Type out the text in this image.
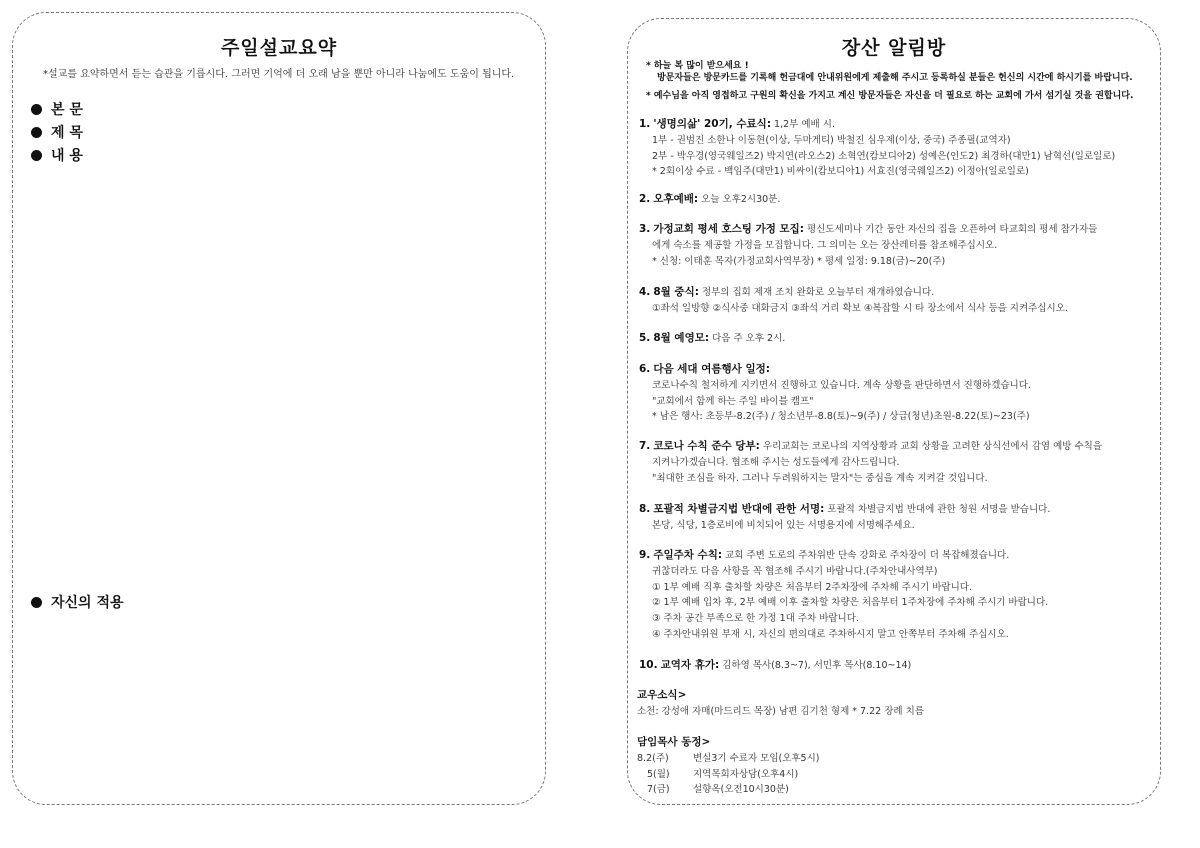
주일설교요약
*설교를 요약하면서 듣는 습관을 기릅시다. 그러면 기억에 더 오래 남을 뿐만 아니라 나눔에도 도움이 됩니다.
본 문
제 목
내 용
자신의 적용
장산 알림방
* 하늘 복 많이 받으세요 !
방문자들은 방문카드를 기록해 헌금대에 안내위원에게 제출해 주시고 등록하실 분들은 헌신의 시간에 하시기를 바랍니다.
* 예수님을 아직 영접하고 구원의 확신을 가지고 계신 방문자들은 자신을 더 필요로 하는 교회에 가서 섬기실 것을 권합니다.
1. '생명의삶' 20기, 수료식: 1,2부 예배 시.
1부 - 권범진 소한나 이동현(이상, 두마게티) 박철진 심우제(이상, 중국) 주종필(교역자)
2부 - 박우경(영국웨일즈2) 박지연(라오스2) 소혁연(캄보디아2) 성예은(인도2) 최경하(대만1) 남혁선(일로일로)
* 2회이상 수료 - 백임주(대만1) 비싸이(캄보디아1) 서효진(영국웨일즈2) 이정아(일로일로)
2. 오후예배: 오늘 오후2시30분.
3. 가정교회 평세 호스팅 가정 모집: 평신도세미나 기간 동안 자신의 집을 오픈하여 타교회의 평세 참가자들
에게 숙소를 제공할 가정을 모집합니다. 그 의미는 오는 장산레터를 참조해주십시오.
* 신청: 이태훈 목자(가정교회사역부장) * 평세 일정: 9.18(금)~20(주)
4. 8월 중식: 정부의 집회 제재 조치 완화로 오늘부터 재개하였습니다.
①좌석 일방향 ②식사중 대화금지 ③좌석 거리 확보 ④복잡할 시 타 장소에서 식사 등을 지켜주십시오.
5. 8월 예영모: 다음 주 오후 2시.
6. 다음 세대 여름행사 일정:
코로나수칙 철저하게 지키면서 진행하고 있습니다. 계속 상황을 판단하면서 진행하겠습니다.
"교회에서 함께 하는 주일 바이블 캠프"
* 남은 행사: 초등부-8.2(주) / 청소년부-8.8(토)~9(주) / 상급(청년)초원-8.22(토)~23(주)
7. 코로나 수칙 준수 당부: 우리교회는 코로나의 지역상황과 교회 상황을 고려한 상식선에서 감염 예방 수칙을
지켜나가겠습니다. 협조해 주시는 성도들에게 감사드립니다.
"최대한 조심을 하자. 그러나 두려워하지는 말자"는 중심을 계속 지켜갈 것입니다.
8. 포괄적 차별금지법 반대에 관한 서명: 포괄적 차별금지법 반대에 관한 청원 서명을 받습니다.
본당, 식당, 1층로비에 비치되어 있는 서명용지에 서명해주세요.
9. 주일주차 수칙: 교회 주변 도로의 주차위반 단속 강화로 주차장이 더 복잡해졌습니다.
귀찮더라도 다음 사항을 꼭 협조해 주시기 바랍니다.(주차안내사역부)
① 1부 예배 직후 출차할 차량은 처음부터 2주차장에 주차해 주시기 바랍니다.
② 1부 예배 입차 후, 2부 예배 이후 출차할 차량은 처음부터 1주차장에 주차해 주시기 바랍니다.
③ 주차 공간 부족으로 한 가정 1대 주차 바랍니다.
④ 주차안내위원 부재 시, 자신의 편의대로 주차하시지 말고 안쪽부터 주차해 주십시오.
10. 교역자 휴가: 김하영 목사(8.3~7), 서민후 목사(8.10~14)
교우소식>
소천: 강성애 자매(마드리드 목장) 남편 김기천 형제 * 7.22 장례 치름
담임목사 동정>
8.2(주)	변실3기 수료자 모임(오후5시)
5(월)	지역목회자상담(오후4시)
7(금)	설향옥(오전10시30분)
